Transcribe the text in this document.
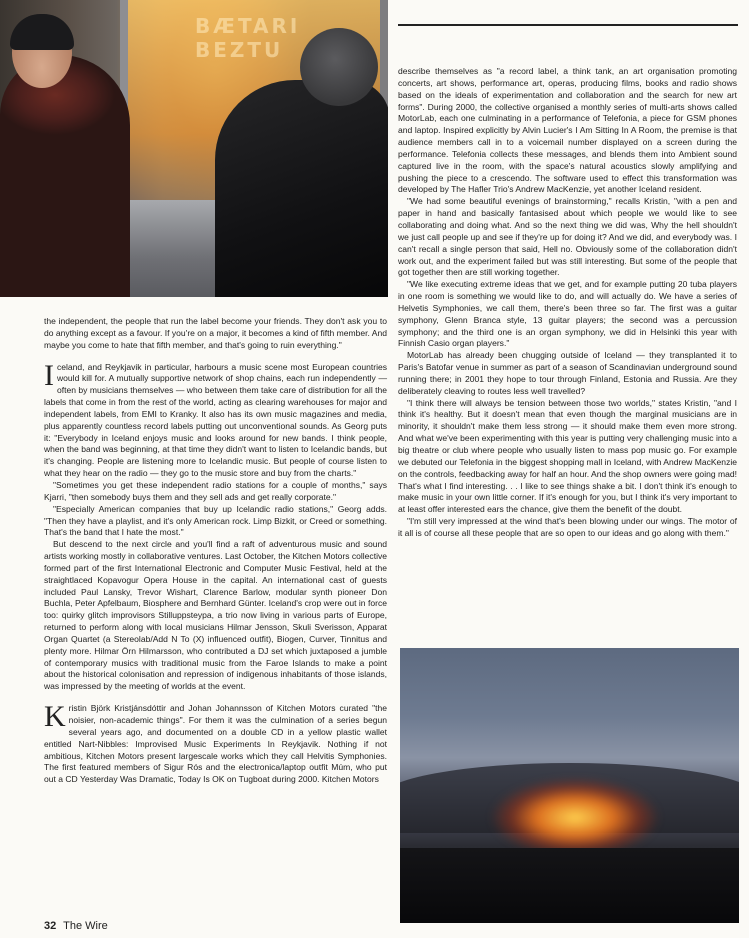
BÆTARI
BEZTU

the independent, the people that run the label become your friends. They don't ask you to do anything except as a favour. If you're on a major, it becomes a kind of fifth member. And maybe you come to hate that fifth member, and that's going to ruin everything."

Iceland, and Reykjavik in particular, harbours a music scene most European countries would kill for. A mutually supportive network of shop chains, each run independently — often by musicians themselves — who between them take care of distribution for all the labels that come in from the rest of the world, acting as clearing warehouses for major and independent labels, from EMI to Kranky. It also has its own music magazines and media, plus apparently countless record labels putting out unconventional sounds. As Georg puts it: "Everybody in Iceland enjoys music and looks around for new bands. I think people, when the band was beginning, at that time they didn't want to listen to Icelandic bands, but it's changing. People are listening more to Icelandic music. But people of course listen to what they hear on the radio — they go to the music store and buy from the charts."

"Sometimes you get these independent radio stations for a couple of months," says Kjarri, "then somebody buys them and they sell ads and get really corporate."

"Especially American companies that buy up Icelandic radio stations," Georg adds. "Then they have a playlist, and it's only American rock. Limp Bizkit, or Creed or something. That's the band that I hate the most."

But descend to the next circle and you'll find a raft of adventurous music and sound artists working mostly in collaborative ventures. Last October, the Kitchen Motors collective formed part of the first International Electronic and Computer Music Festival, held at the straightlaced Kopavogur Opera House in the capital. An international cast of guests included Paul Lansky, Trevor Wishart, Clarence Barlow, modular synth pioneer Don Buchla, Peter Apfelbaum, Biosphere and Bernhard Günter. Iceland's crop were out in force too: quirky glitch improvisors Stilluppsteypa, a trio now living in various parts of Europe, returned to perform along with local musicians Hilmar Jensson, Skuli Sverisson, Apparat Organ Quartet (a Stereolab/Add N To (X) influenced outfit), Biogen, Curver, Tinnitus and plenty more. Hilmar Örn Hilmarsson, who contributed a DJ set which juxtaposed a jumble of contemporary musics with traditional music from the Faroe Islands to make a point about the historical colonisation and repression of indigenous inhabitants of those islands, was impressed by the meeting of worlds at the event.

Kristin Björk Kristjánsdóttir and Johan Johannsson of Kitchen Motors curated "the noisier, non-academic things". For them it was the culmination of a series begun several years ago, and documented on a double CD in a yellow plastic wallet entitled Nart-Nibbles: Improvised Music Experiments In Reykjavik. Nothing if not ambitious, Kitchen Motors present largescale works which they call Helvitis Symphonies. The first featured members of Sigur Rós and the electronica/laptop outfit Múm, who put out a CD Yesterday Was Dramatic, Today Is OK on Tugboat during 2000. Kitchen Motors

describe themselves as "a record label, a think tank, an art organisation promoting concerts, art shows, performance art, operas, producing films, books and radio shows based on the ideals of experimentation and collaboration and the search for new art forms". During 2000, the collective organised a monthly series of multi-arts shows called MotorLab, each one culminating in a performance of Telefonia, a piece for GSM phones and laptop. Inspired explicitly by Alvin Lucier's I Am Sitting In A Room, the premise is that audience members call in to a voicemail number displayed on a screen during the performance. Telefonia collects these messages, and blends them into Ambient sound captured live in the room, with the space's natural acoustics slowly amplifying and pushing the piece to a crescendo. The software used to effect this transformation was developed by The Hafler Trio's Andrew MacKenzie, yet another Iceland resident.

"We had some beautiful evenings of brainstorming," recalls Kristin, "with a pen and paper in hand and basically fantasised about which people we would like to see collaborating and doing what. And so the next thing we did was, Why the hell shouldn't we just call people up and see if they're up for doing it? And we did, and everybody was. I can't recall a single person that said, Hell no. Obviously some of the collaboration didn't work out, and the experiment failed but was still interesting. But some of the people that got together then are still working together.

"We like executing extreme ideas that we get, and for example putting 20 tuba players in one room is something we would like to do, and will actually do. We have a series of Helvetis Symphonies, we call them, there's been three so far. The first was a guitar symphony, Glenn Branca style, 13 guitar players; the second was a percussion symphony; and the third one is an organ symphony, we did in Helsinki this year with Finnish Casio organ players."

MotorLab has already been chugging outside of Iceland — they transplanted it to Paris's Batofar venue in summer as part of a season of Scandinavian underground sound running there; in 2001 they hope to tour through Finland, Estonia and Russia. Are they deliberately cleaving to routes less well travelled?

"I think there will always be tension between those two worlds," states Kristin, "and I think it's healthy. But it doesn't mean that even though the marginal musicians are in minority, it shouldn't make them less strong — it should make them even more strong. And what we've been experimenting with this year is putting very challenging music into a big theatre or club where people who usually listen to mass pop music go. For example we debuted our Telefonia in the biggest shopping mall in Iceland, with Andrew MacKenzie on the controls, feedbacking away for half an hour. And the shop owners were going mad! That's what I find interesting. . . I like to see things shake a bit. I don't think it's enough to make music in your own little corner. If it's enough for you, but I think it's very important to at least offer interested ears the chance, give them the benefit of the doubt.

"I'm still very impressed at the wind that's been blowing under our wings. The motor of it all is of course all these people that are so open to our ideas and go along with them."

32 The Wire
